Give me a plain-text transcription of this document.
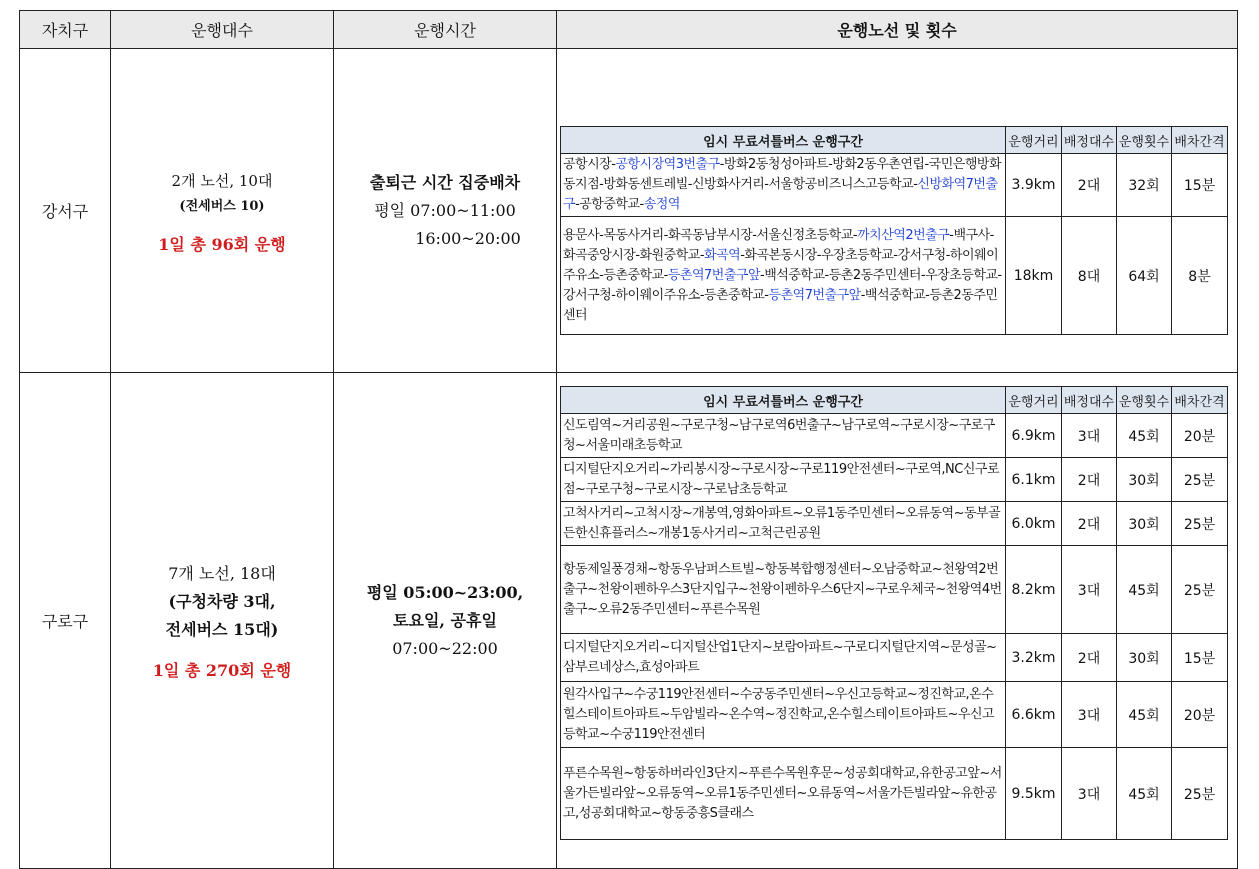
자치구	운행대수	운행시간	운행노선 및 횟수
강서구	
2개 노선, 10대
(전세버스 10)
1일 총 96회 운행

출퇴근 시간 집중배차
평일 07:00~11:00
16:00~20:00

임시 무료셔틀버스 운행구간	운행거리	배정대수	운행횟수	배차간격
공항시장-공항시장역3번출구-방화2동청성아파트-방화2동우촌연립-국민은행방화동지점-방화동센트레빌-신방화사거리-서울항공비즈니스고등학교-신방화역7번출구-공항중학교-송정역	3.9km	2대	32회	15분
용문사-목동사거리-화곡동남부시장-서울신정초등학교-까치산역2번출구-백구사-화곡중앙시장-화원중학교-화곡역-화곡본동시장-우장초등학교-강서구청-하이웨이주유소-등촌중학교-등촌역7번출구앞-백석중학교-등촌2동주민센터-우장초등학교-강서구청-하이웨이주유소-등촌중학교-등촌역7번출구앞-백석중학교-등촌2동주민센터	18km	8대	64회	8분

구로구	
7개 노선, 18대
(구청차량 3대,
전세버스 15대)
1일 총 270회 운행

평일 05:00~23:00,
토요일, 공휴일
07:00~22:00

임시 무료셔틀버스 운행구간	운행거리	배정대수	운행횟수	배차간격
신도림역~거리공원~구로구청~남구로역6번출구~남구로역~구로시장~구로구청~서울미래초등학교	6.9km	3대	45회	20분
디지털단지오거리~가리봉시장~구로시장~구로119안전센터~구로역,NC신구로점~구로구청~구로시장~구로남초등학교	6.1km	2대	30회	25분
고척사거리~고척시장~개봉역,영화아파트~오류1동주민센터~오류동역~동부골든한신휴플러스~개봉1동사거리~고척근린공원	6.0km	2대	30회	25분
항동제일풍경채~항동우남퍼스트빌~항동복합행정센터~오남중학교~천왕역2번출구~천왕이펜하우스3단지입구~천왕이펜하우스6단지~구로우체국~천왕역4번출구~오류2동주민센터~푸른수목원	8.2km	3대	45회	25분
디지털단지오거리~디지털산업1단지~보람아파트~구로디지털단지역~문성골~삼부르네상스,효성아파트	3.2km	2대	30회	15분
원각사입구~수궁119안전센터~수궁동주민센터~우신고등학교~정진학교,온수힐스테이트아파트~두암빌라~온수역~정진학교,온수힐스테이트아파트~우신고등학교~수궁119안전센터	6.6km	3대	45회	20분
푸른수목원~항동하버라인3단지~푸른수목원후문~성공회대학교,유한공고앞~서울가든빌라앞~오류동역~오류1동주민센터~오류동역~서울가든빌라앞~유한공고,성공회대학교~항동중흥S클래스	9.5km	3대	45회	25분
